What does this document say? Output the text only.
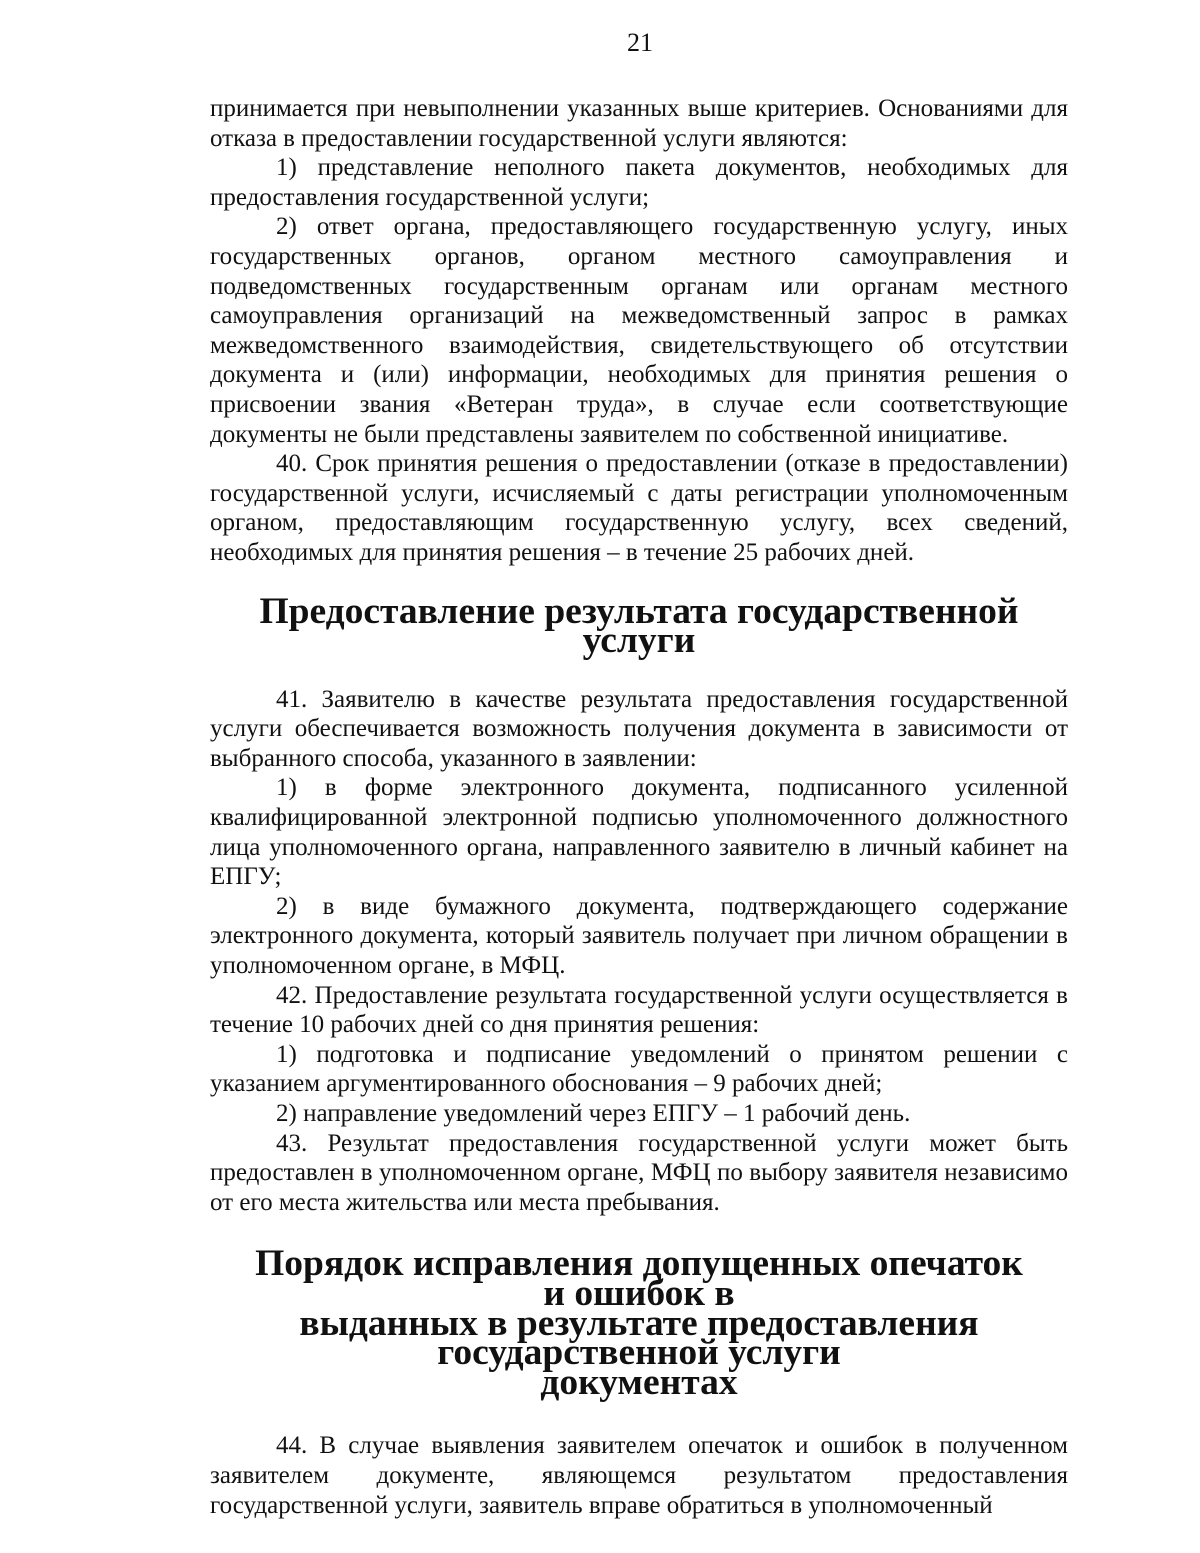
21

принимается при невыполнении указанных выше критериев. Основаниями для отказа в предоставлении государственной услуги являются:

1) представление неполного пакета документов, необходимых для предоставления государственной услуги;

2) ответ органа, предоставляющего государственную услугу, иных государственных органов, органом местного самоуправления и подведомственных государственным органам или органам местного самоуправления организаций на межведомственный запрос в рамках межведомственного взаимодействия, свидетельствующего об отсутствии документа и (или) информации, необходимых для принятия решения о присвоении звания «Ветеран труда», в случае если соответствующие документы не были представлены заявителем по собственной инициативе.

40. Срок принятия решения о предоставлении (отказе в предоставлении) государственной услуги, исчисляемый с даты регистрации уполномоченным органом, предоставляющим государственную услугу, всех сведений, необходимых для принятия решения – в течение 25 рабочих дней.

Предоставление результата государственной услуги

41. Заявителю в качестве результата предоставления государственной услуги обеспечивается возможность получения документа в зависимости от выбранного способа, указанного в заявлении:

1) в форме электронного документа, подписанного усиленной квалифицированной электронной подписью уполномоченного должностного лица уполномоченного органа, направленного заявителю в личный кабинет на ЕПГУ;

2) в виде бумажного документа, подтверждающего содержание электронного документа, который заявитель получает при личном обращении в уполномоченном органе, в МФЦ.

42. Предоставление результата государственной услуги осуществляется в течение 10 рабочих дней со дня принятия решения:

1) подготовка и подписание уведомлений о принятом решении с указанием аргументированного обоснования – 9 рабочих дней;

2) направление уведомлений через ЕПГУ – 1 рабочий день.

43. Результат предоставления государственной услуги может быть предоставлен в уполномоченном органе, МФЦ по выбору заявителя независимо от его места жительства или места пребывания.

Порядок исправления допущенных опечаток и ошибок в
выданных в результате предоставления государственной услуги
документах

44. В случае выявления заявителем опечаток и ошибок в полученном заявителем документе, являющемся результатом предоставления государственной услуги, заявитель вправе обратиться в уполномоченный
